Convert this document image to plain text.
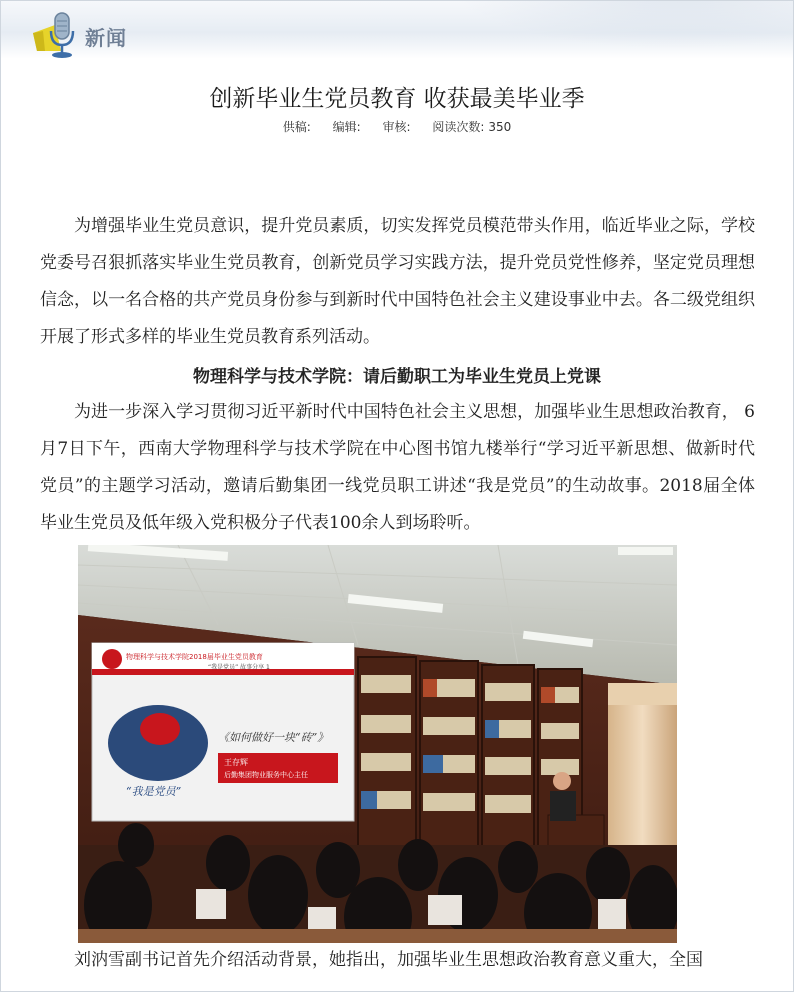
新闻
创新毕业生党员教育 收获最美毕业季
供稿: 编辑: 审核: 阅读次数: 350
为增强毕业生党员意识，提升党员素质，切实发挥党员模范带头作用，临近毕业之际，学校党委号召狠抓落实毕业生党员教育，创新党员学习实践方法，提升党员党性修养，坚定党员理想信念，以一名合格的共产党员身份参与到新时代中国特色社会主义建设事业中去。各二级党组织开展了形式多样的毕业生党员教育系列活动。
物理科学与技术学院：请后勤职工为毕业生党员上党课
为进一步深入学习贯彻习近平新时代中国特色社会主义思想，加强毕业生思想政治教育， 6月7日下午，西南大学物理科学与技术学院在中心图书馆九楼举行“学习近平新思想、做新时代党员”的主题学习活动，邀请后勤集团一线党员职工讲述“我是党员”的生动故事。2018届全体毕业生党员及低年级入党积极分子代表100余人到场聆听。
物理科学与技术学院2018届毕业生党员教育
“我是党员” 故事分享 1
“我是党员”
《如何做好一块“砖”》
王存辉
后勤集团物业服务中心主任
刘汭雪副书记首先介绍活动背景，她指出，加强毕业生思想政治教育意义重大，全国
